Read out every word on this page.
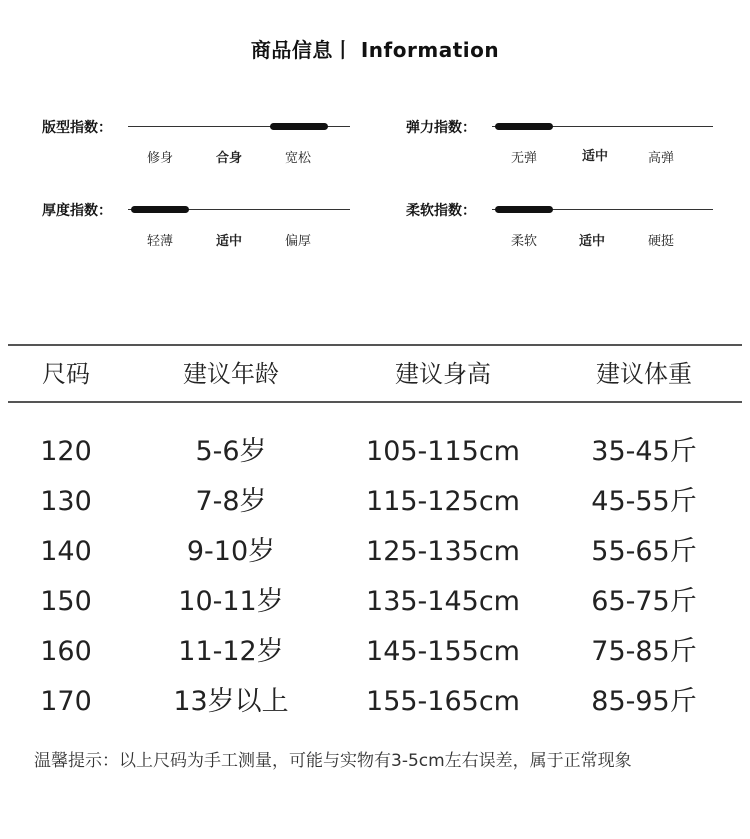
商品信息丨 Information
版型指数：
修身	合身	宽松
弹力指数：
无弹	适中	高弹
厚度指数：
轻薄	适中	偏厚
柔软指数：
柔软	适中	硬挺
尺码	建议年龄	建议身高	建议体重
120	5-6岁	105-115cm	35-45斤
130	7-8岁	115-125cm	45-55斤
140	9-10岁	125-135cm	55-65斤
150	10-11岁	135-145cm	65-75斤
160	11-12岁	145-155cm	75-85斤
170	13岁以上	155-165cm	85-95斤
温馨提示：以上尺码为手工测量，可能与实物有3-5cm左右误差，属于正常现象
